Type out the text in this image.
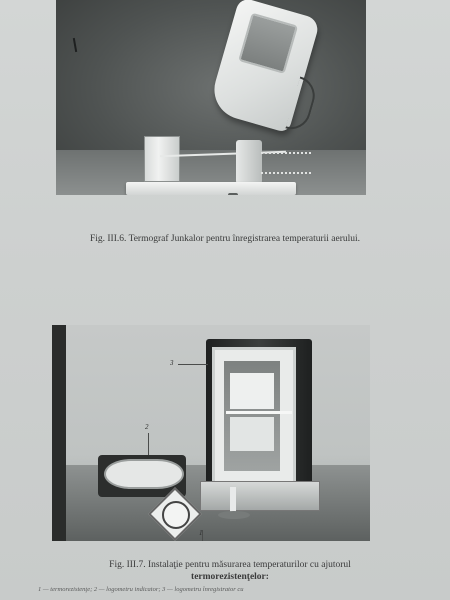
Fig. III.6. Termograf Junkalor pentru înregistrarea temperaturii aerului.
3
2
1
Fig. III.7. Instalaţie pentru măsurarea temperaturilor cu ajutorul
termorezistenţelor:
1 — termorezistenţe; 2 — logometru indicator; 3 — logometru înregistrator cu
